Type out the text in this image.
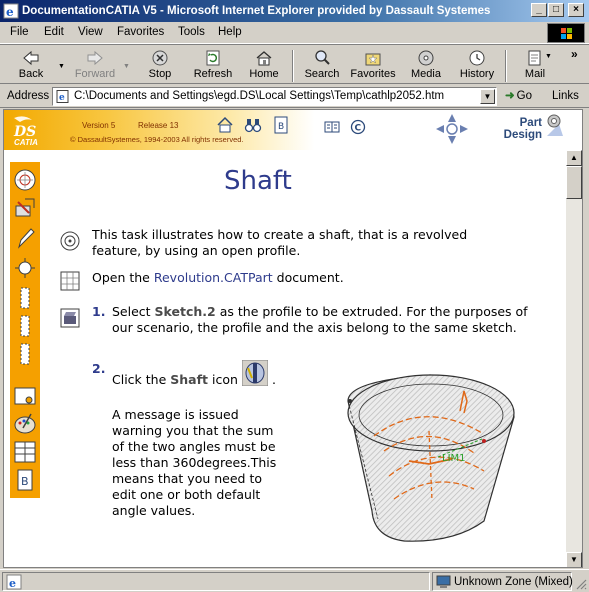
e DocumentationCATIA V5 - Microsoft Internet Explorer provided by Dassault Systemes	_	□	×
File Edit View Favorites Tools Help
Back
▼
Forward
▼
Stop	Refresh	Home	Search Favorites	Media	History	Mail
▼ »
Address e C:\Documents and Settings\egd.DS\Local Settings\Temp\cathlp2052.htm	▼	➜ Go Links
DS
CATIA
Version 5	Release 13
© DassaultSystemes, 1994-2003 All rights reserved.
B	C	Part
Design
B
▲
▼
Shaft
This task illustrates how to create a shaft, that is a revolved
feature, by using an open profile.
Open the Revolution.CATPart document.
1. Select Sketch.2 as the profile to be extruded. For the purposes of
our scenario, the profile and the axis belong to the same sketch.
2.
Click the Shaft icon	.
A message is issued
warning you that the sum
of the two angles must be
less than 360degrees.This
means that you need to
edit one or both default
angle values.
LIM1
e	Unknown Zone (Mixed)
